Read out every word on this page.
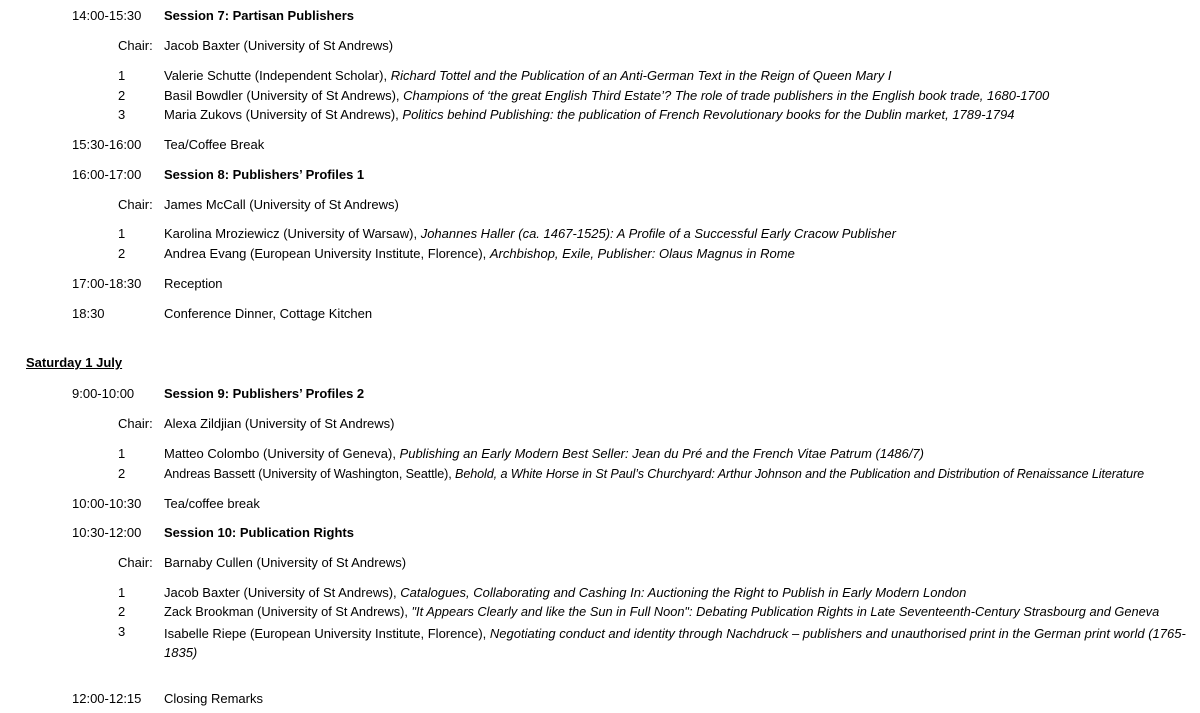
14:00-15:30 Session 7: Partisan Publishers
Chair: Jacob Baxter (University of St Andrews)
1	Valerie Schutte (Independent Scholar), Richard Tottel and the Publication of an Anti-German Text in the Reign of Queen Mary I
2	Basil Bowdler (University of St Andrews), Champions of ‘the great English Third Estate’? The role of trade publishers in the English book trade, 1680-1700
3	Maria Zukovs (University of St Andrews), Politics behind Publishing: the publication of French Revolutionary books for the Dublin market, 1789-1794
15:30-16:00 Tea/Coffee Break
16:00-17:00 Session 8: Publishers’ Profiles 1
Chair: James McCall (University of St Andrews)
1	Karolina Mroziewicz (University of Warsaw), Johannes Haller (ca. 1467-1525): A Profile of a Successful Early Cracow Publisher
2	Andrea Evang (European University Institute, Florence), Archbishop, Exile, Publisher: Olaus Magnus in Rome
17:00-18:30 Reception
18:30	Conference Dinner, Cottage Kitchen
Saturday 1 July
9:00-10:00 Session 9: Publishers’ Profiles 2
Chair: Alexa Zildjian (University of St Andrews)
1	Matteo Colombo (University of Geneva), Publishing an Early Modern Best Seller: Jean du Pré and the French Vitae Patrum (1486/7)
2	Andreas Bassett (University of Washington, Seattle), Behold, a White Horse in St Paul’s Churchyard: Arthur Johnson and the Publication and Distribution of Renaissance Literature
10:00-10:30 Tea/coffee break
10:30-12:00 Session 10: Publication Rights
Chair: Barnaby Cullen (University of St Andrews)
1	Jacob Baxter (University of St Andrews), Catalogues, Collaborating and Cashing In: Auctioning the Right to Publish in Early Modern London
2	Zack Brookman (University of St Andrews), "It Appears Clearly and like the Sun in Full Noon": Debating Publication Rights in Late Seventeenth-Century Strasbourg and Geneva
3	Isabelle Riepe (European University Institute, Florence), Negotiating conduct and identity through Nachdruck – publishers and unauthorised print in the German print world (1765-1835)
12:00-12:15 Closing Remarks
